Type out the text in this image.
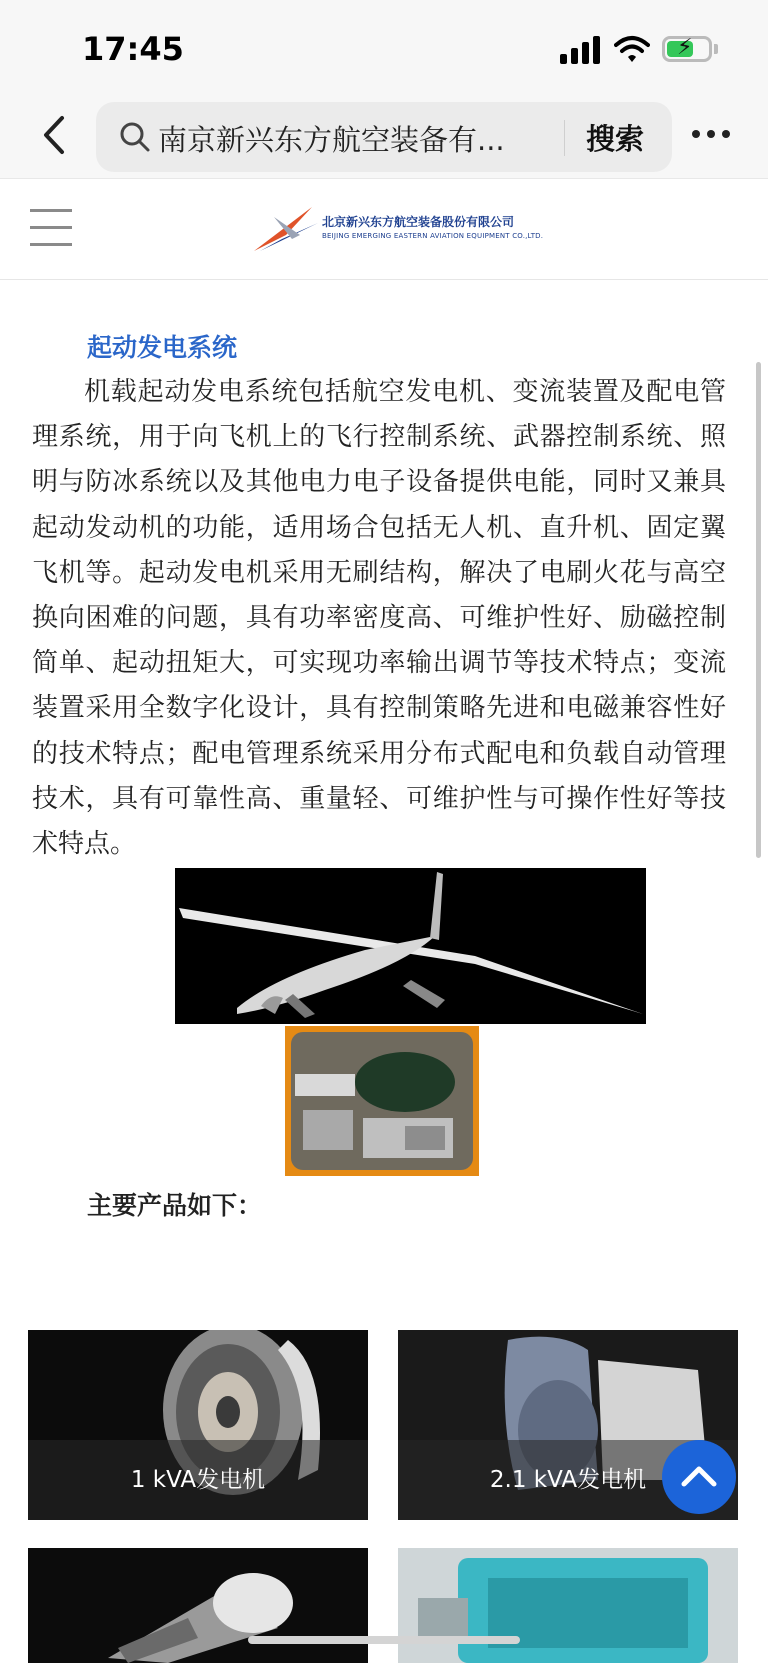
17:45	⚡
南京新兴东方航空装备有...	搜索
北京新兴东方航空装备股份有限公司
BEIJING EMERGING EASTERN AVIATION EQUIPMENT CO.,LTD.
起动发电系统

机载起动发电系统包括航空发电机、变流装置及配电管理系统，用于向飞机上的飞行控制系统、武器控制系统、照明与防冰系统以及其他电力电子设备提供电能，同时又兼具起动发动机的功能，适用场合包括无人机、直升机、固定翼飞机等。起动发电机采用无刷结构，解决了电刷火花与高空换向困难的问题，具有功率密度高、可维护性好、励磁控制简单、起动扭矩大，可实现功率输出调节等技术特点；变流装置采用全数字化设计，具有控制策略先进和电磁兼容性好的技术特点；配电管理系统采用分布式配电和负载自动管理技术，具有可靠性高、重量轻、可维护性与可操作性好等技术特点。

主要产品如下：
1 kVA发电机	2.1 kVA发电机
